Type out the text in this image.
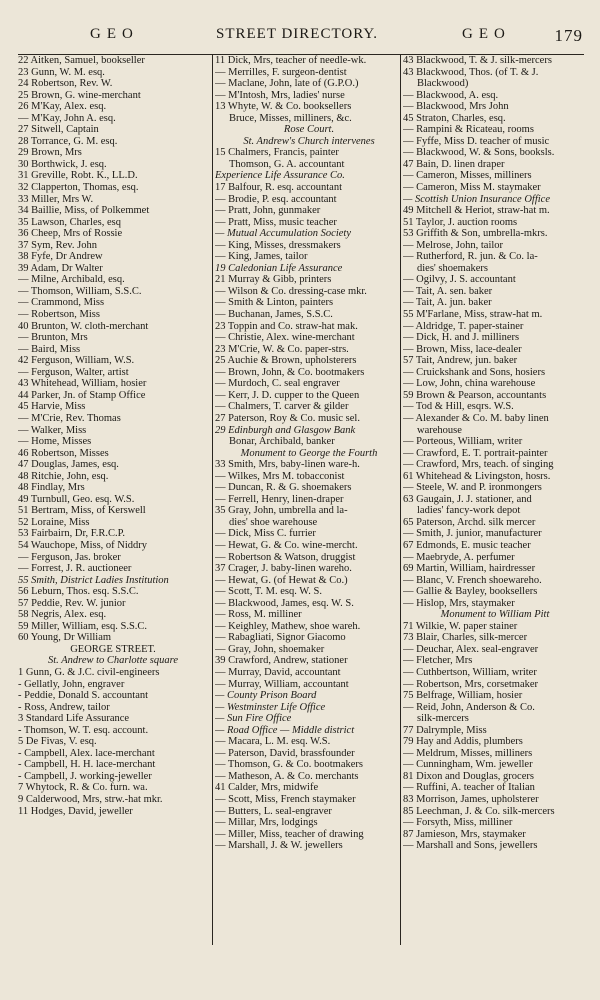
GEO	STREET DIRECTORY.	GEO	179
22 Aitken, Samuel, bookseller
23 Gunn, W. M. esq.
24 Robertson, Rev. W.
25 Brown, G. wine-merchant
26 M'Kay, Alex. esq.
— M'Kay, John A. esq.
27 Sitwell, Captain
28 Torrance, G. M. esq.
29 Brown, Mrs
30 Borthwick, J. esq.
31 Greville, Robt. K., LL.D.
32 Clapperton, Thomas, esq.
33 Miller, Mrs W.
34 Baillie, Miss, of Polkemmet
35 Lawson, Charles, esq
36 Cheep, Mrs of Rossie
37 Sym, Rev. John
38 Fyfe, Dr Andrew
39 Adam, Dr Walter
— Milne, Archibald, esq.
— Thomson, William, S.S.C.
— Crammond, Miss
— Robertson, Miss
40 Brunton, W. cloth-merchant
— Brunton, Mrs
— Baird, Miss
42 Ferguson, William, W.S.
— Ferguson, Walter, artist
43 Whitehead, William, hosier
44 Parker, Jn. of Stamp Office
45 Harvie, Miss
— M'Crie, Rev. Thomas
— Walker, Miss
— Home, Misses
46 Robertson, Misses
47 Douglas, James, esq.
48 Ritchie, John, esq.
48 Findlay, Mrs
49 Turnbull, Geo. esq. W.S.
51 Bertram, Miss, of Kerswell
52 Loraine, Miss
53 Fairbairn, Dr, F.R.C.P.
54 Wauchope, Miss, of Niddry
— Ferguson, Jas. broker
— Forrest, J. R. auctioneer
55 Smith, District Ladies Institution
56 Leburn, Thos. esq. S.S.C.
57 Peddie, Rev. W. junior
58 Negris, Alex. esq.
59 Miller, William, esq. S.S.C.
60 Young, Dr William
GEORGE STREET.
St. Andrew to Charlotte square
1 Gunn, G. & J.C. civil-engineers
- Gellatly, John, engraver
- Peddie, Donald S. accountant
- Ross, Andrew, tailor
3 Standard Life Assurance
- Thomson, W. T. esq. account.
5 De Fivas, V. esq.
- Campbell, Alex. lace-merchant
- Campbell, H. H. lace-merchant
- Campbell, J. working-jeweller
7 Whytock, R. & Co. furn. wa.
9 Calderwood, Mrs, strw.-hat mkr.
11 Hodges, David, jeweller
11 Dick, Mrs, teacher of needle-wk.
— Merrilles, F. surgeon-dentist
— Maclane, John, late of (G.P.O.)
— M'Intosh, Mrs, ladies' nurse
13 Whyte, W. & Co. booksellers
Bruce, Misses, milliners, &c.
Rose Court.
St. Andrew's Church intervenes
15 Chalmers, Francis, painter
Thomson, G. A. accountant
Experience Life Assurance Co.
17 Balfour, R. esq. accountant
— Brodie, P. esq. accountant
— Pratt, John, gunmaker
— Pratt, Miss, music teacher
— Mutual Accumulation Society
— King, Misses, dressmakers
— King, James, tailor
19 Caledonian Life Assurance
21 Murray & Gibb, printers
— Wilson & Co. dressing-case mkr.
— Smith & Linton, painters
— Buchanan, James, S.S.C.
23 Toppin and Co. straw-hat mak.
— Christie, Alex. wine-merchant
23 M'Crie, W. & Co. paper-strs.
25 Auchie & Brown, upholsterers
— Brown, John, & Co. bootmakers
— Murdoch, C. seal engraver
— Kerr, J. D. cupper to the Queen
— Chalmers, T. carver & gilder
27 Paterson, Roy & Co. music sel.
29 Edinburgh and Glasgow Bank
Bonar, Archibald, banker
Monument to George the Fourth
33 Smith, Mrs, baby-linen ware-h.
— Wilkes, Mrs M. tobacconist
— Duncan, R. & G. shoemakers
— Ferrell, Henry, linen-draper
35 Gray, John, umbrella and la-
dies' shoe warehouse
— Dick, Miss C. furrier
— Hewat, G. & Co. wine-mercht.
— Robertson & Watson, druggist
37 Crager, J. baby-linen wareho.
— Hewat, G. (of Hewat & Co.)
— Scott, T. M. esq. W. S.
— Blackwood, James, esq. W. S.
— Ross, M. milliner
— Keighley, Mathew, shoe wareh.
— Rabagliati, Signor Giacomo
— Gray, John, shoemaker
39 Crawford, Andrew, stationer
— Murray, David, accountant
— Murray, William, accountant
— County Prison Board
— Westminster Life Office
— Sun Fire Office
— Road Office — Middle district
— Macara, L. M. esq. W.S.
— Paterson, David, brassfounder
— Thomson, G. & Co. bootmakers
— Matheson, A. & Co. merchants
41 Calder, Mrs, midwife
— Scott, Miss, French staymaker
— Butters, L. seal-engraver
— Millar, Mrs, lodgings
— Miller, Miss, teacher of drawing
— Marshall, J. & W. jewellers
43 Blackwood, T. & J. silk-mercers
43 Blackwood, Thos. (of T. & J.
Blackwood)
— Blackwood, A. esq.
— Blackwood, Mrs John
45 Straton, Charles, esq.
— Rampini & Ricateau, rooms
— Fyffe, Miss D. teacher of music
— Blackwood, W. & Sons, booksls.
47 Bain, D. linen draper
— Cameron, Misses, milliners
— Cameron, Miss M. staymaker
— Scottish Union Insurance Office
49 Mitchell & Heriot, straw-hat m.
51 Taylor, J. auction rooms
53 Griffith & Son, umbrella-mkrs.
— Melrose, John, tailor
— Rutherford, R. jun. & Co. la-
dies' shoemakers
— Ogilvy, J. S. accountant
— Tait, A. sen. baker
— Tait, A. jun. baker
55 M'Farlane, Miss, straw-hat m.
— Aldridge, T. paper-stainer
— Dick, H. and J. milliners
— Brown, Miss, lace-dealer
57 Tait, Andrew, jun. baker
— Cruickshank and Sons, hosiers
— Low, John, china warehouse
59 Brown & Pearson, accountants
— Tod & Hill, esqrs. W.S.
— Alexander & Co. M. baby linen
warehouse
— Porteous, William, writer
— Crawford, E. T. portrait-painter
— Crawford, Mrs, teach. of singing
61 Whitehead & Livingston, hosrs.
— Steele, W. and P. ironmongers
63 Gaugain, J. J. stationer, and
ladies' fancy-work depot
65 Paterson, Archd. silk mercer
— Smith, J. junior, manufacturer
67 Edmonds, E. music teacher
— Maebryde, A. perfumer
69 Martin, William, hairdresser
— Blanc, V. French shoewareho.
— Gallie & Bayley, booksellers
— Hislop, Mrs, staymaker
Monument to William Pitt
71 Wilkie, W. paper stainer
73 Blair, Charles, silk-mercer
— Deuchar, Alex. seal-engraver
— Fletcher, Mrs
— Cuthbertson, William, writer
— Robertson, Mrs, corsetmaker
75 Belfrage, William, hosier
— Reid, John, Anderson & Co.
silk-mercers
77 Dalrymple, Miss
79 Hay and Addis, plumbers
— Meldrum, Misses, milliners
— Cunningham, Wm. jeweller
81 Dixon and Douglas, grocers
— Ruffini, A. teacher of Italian
83 Morrison, James, upholsterer
85 Leechman, J. & Co. silk-mercers
— Forsyth, Miss, milliner
87 Jamieson, Mrs, staymaker
— Marshall and Sons, jewellers
